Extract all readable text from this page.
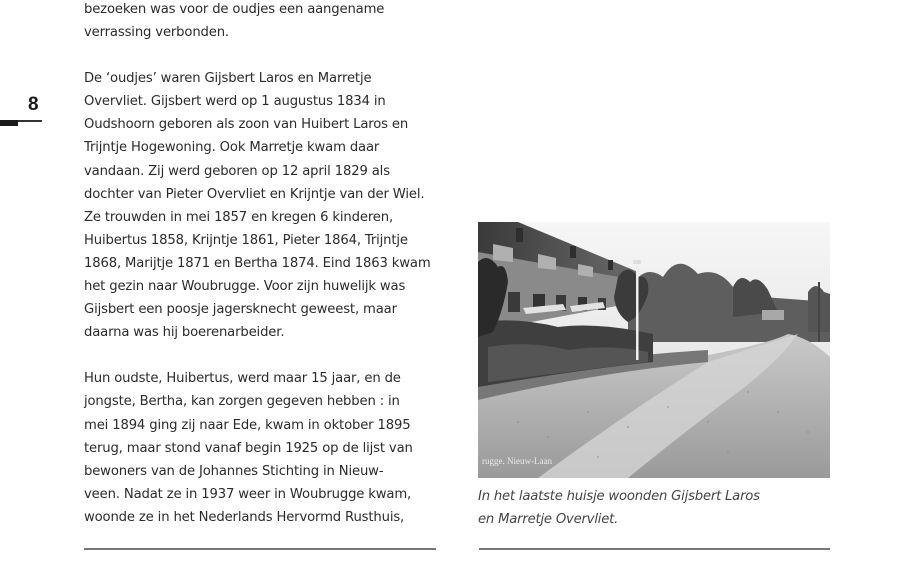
8

bezoeken was voor de oudjes een aangename
verrassing verbonden.

De ‘oudjes’ waren Gijsbert Laros en Marretje
Overvliet. Gijsbert werd op 1 augustus 1834 in
Oudshoorn geboren als zoon van Huibert Laros en
Trijntje Hogewoning. Ook Marretje kwam daar
vandaan. Zij werd geboren op 12 april 1829 als
dochter van Pieter Overvliet en Krijntje van der Wiel.
Ze trouwden in mei 1857 en kregen 6 kinderen,
Huibertus 1858, Krijntje 1861, Pieter 1864, Trijntje
1868, Marijtje 1871 en Bertha 1874. Eind 1863 kwam
het gezin naar Woubrugge. Voor zijn huwelijk was
Gijsbert een poosje jagersknecht geweest, maar
daarna was hij boerenarbeider.

Hun oudste, Huibertus, werd maar 15 jaar, en de
jongste, Bertha, kan zorgen gegeven hebben : in
mei 1894 ging zij naar Ede, kwam in oktober 1895
terug, maar stond vanaf begin 1925 op de lijst van
bewoners van de Johannes Stichting in Nieuw-
veen. Nadat ze in 1937 weer in Woubrugge kwam,
woonde ze in het Nederlands Hervormd Rusthuis,

rugge. Nieuw-Laan
In het laatste huisje woonden Gijsbert Laros
en Marretje Overvliet.
